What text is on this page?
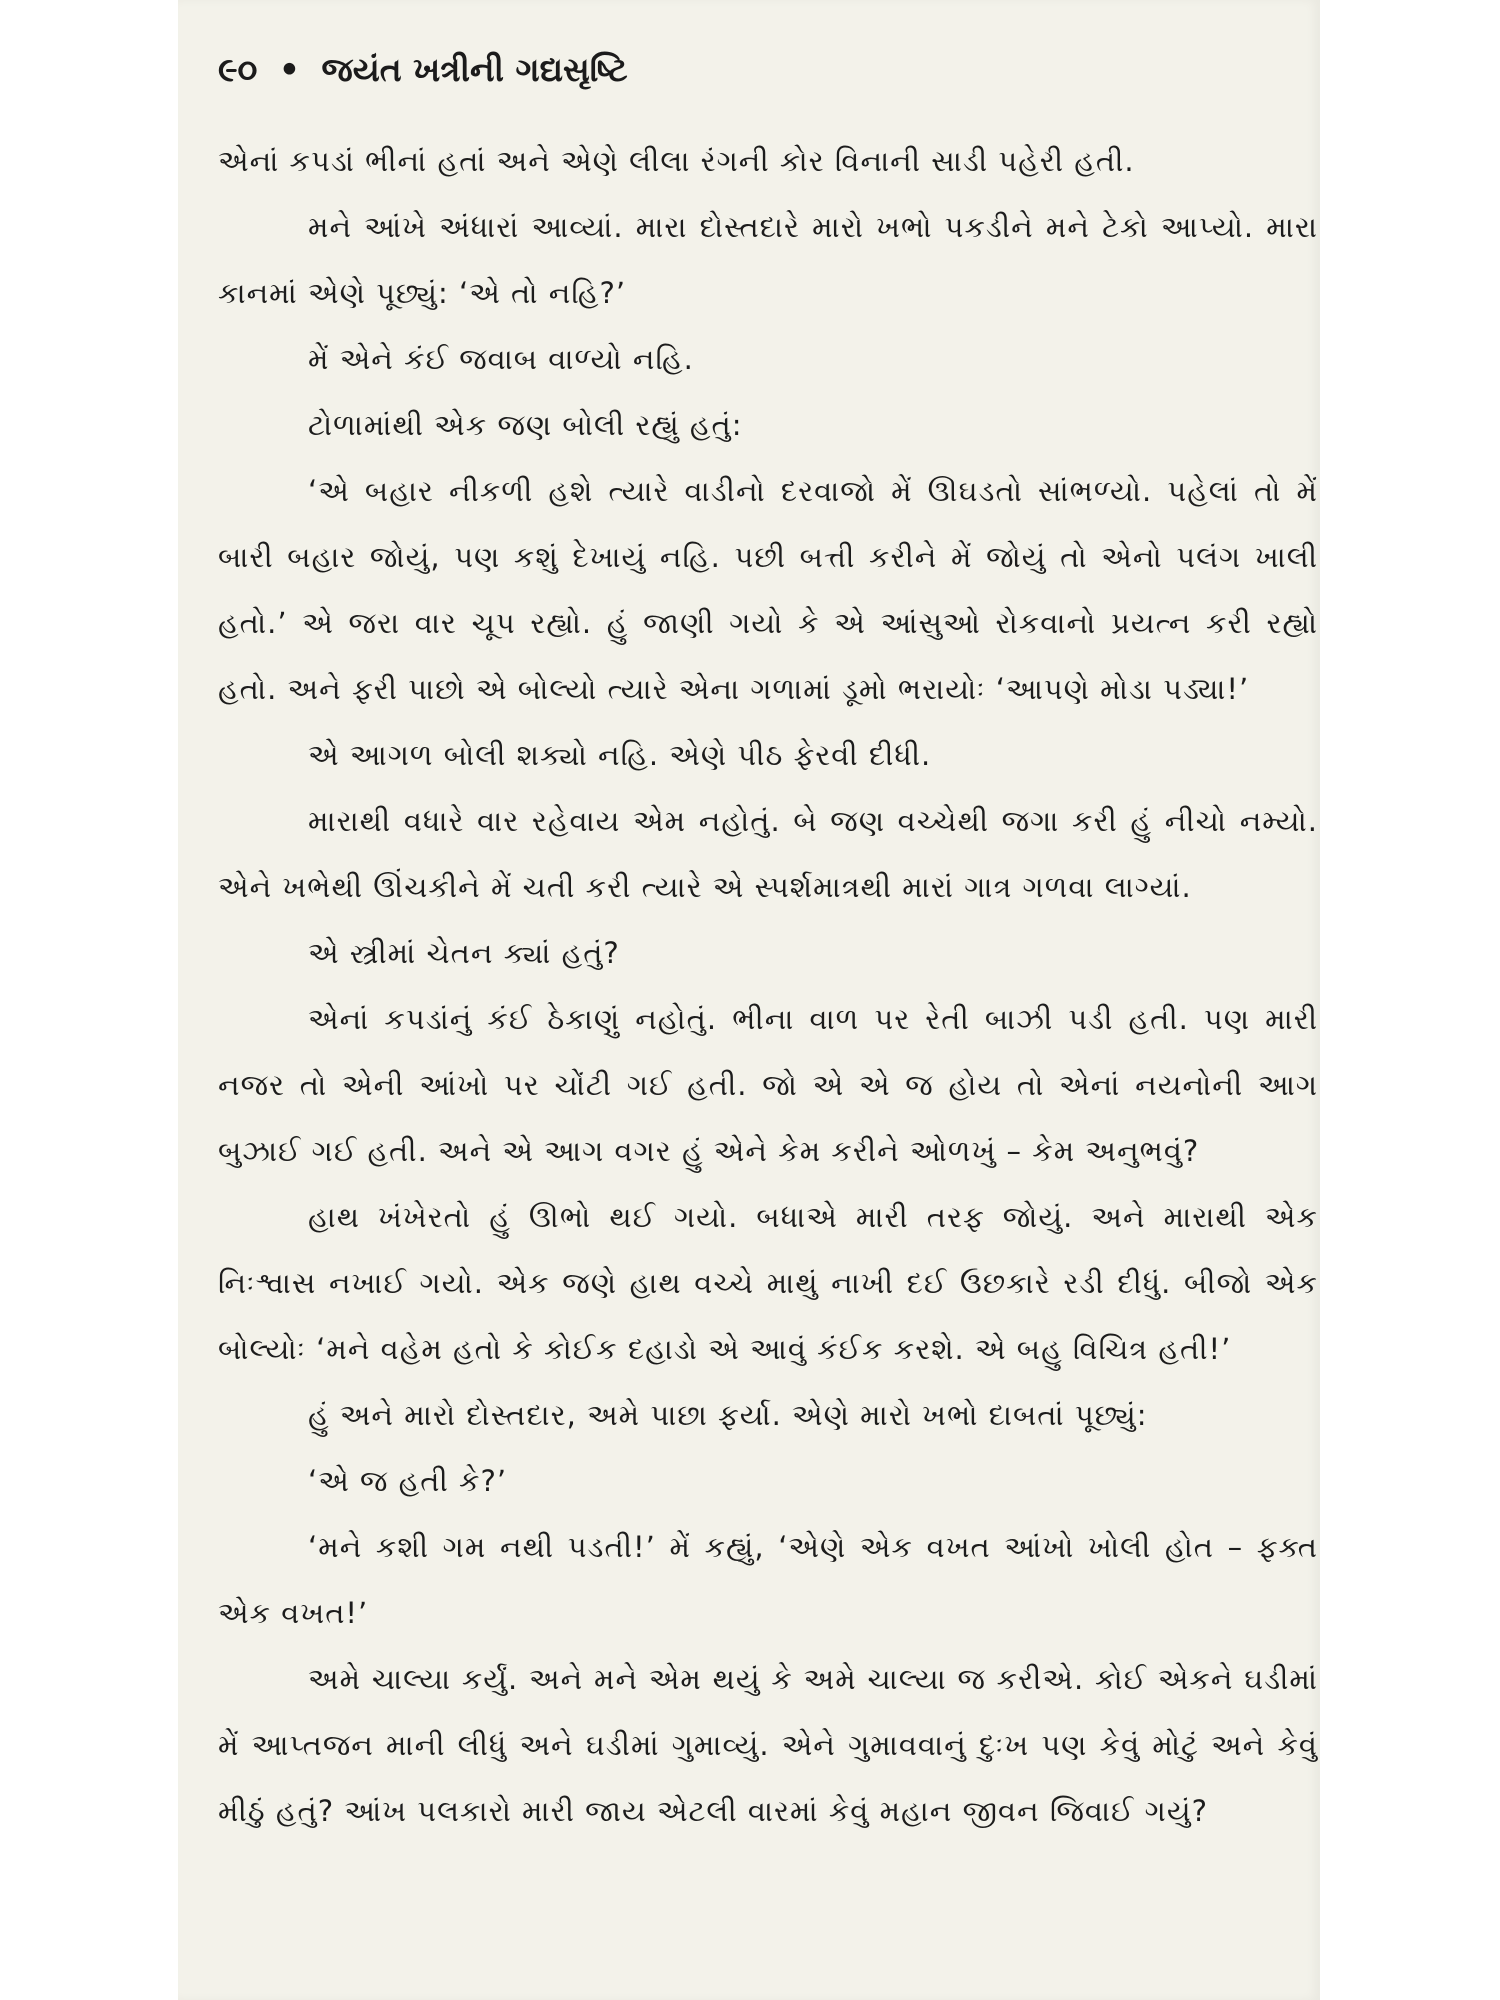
૯૦ • જયંત ખત્રીની ગદ્યસૃષ્ટિ

એનાં કપડાં ભીનાં હતાં અને એણે લીલા રંગની કોર વિનાની સાડી પહેરી હતી.

મને આંખે અંધારાં આવ્યાં. મારા દોસ્તદારે મારો ખભો પકડીને મને ટેકો આપ્યો. મારા કાનમાં એણે પૂછ્યું: ‘એ તો નહિ?’

મેં એને કંઈ જવાબ વાળ્યો નહિ.

ટોળામાંથી એક જણ બોલી રહ્યું હતું:

‘એ બહાર નીકળી હશે ત્યારે વાડીનો દરવાજો મેં ઊઘડતો સાંભળ્યો. પહેલાં તો મેં બારી બહાર જોયું, પણ કશું દેખાયું નહિ. પછી બત્તી કરીને મેં જોયું તો એનો પલંગ ખાલી હતો.’ એ જરા વાર ચૂપ રહ્યો. હું જાણી ગયો કે એ આંસુઓ રોકવાનો પ્રયત્ન કરી રહ્યો હતો. અને ફરી પાછો એ બોલ્યો ત્યારે એના ગળામાં ડૂમો ભરાયોઃ ‘આપણે મોડા પડ્યા!’

એ આગળ બોલી શક્યો નહિ. એણે પીઠ ફેરવી દીધી.

મારાથી વધારે વાર રહેવાય એમ નહોતું. બે જણ વચ્ચેથી જગા કરી હું નીચો નમ્યો. એને ખભેથી ઊંચકીને મેં ચતી કરી ત્યારે એ સ્પર્શમાત્રથી મારાં ગાત્ર ગળવા લાગ્યાં.

એ સ્ત્રીમાં ચેતન ક્યાં હતું?

એનાં કપડાંનું કંઈ ઠેકાણું નહોતું. ભીના વાળ પર રેતી બાઝી પડી હતી. પણ મારી નજર તો એની આંખો પર ચોંટી ગઈ હતી. જો એ એ જ હોય તો એનાં નયનોની આગ બુઝાઈ ગઈ હતી. અને એ આગ વગર હું એને કેમ કરીને ઓળખું – કેમ અનુભવું?

હાથ ખંખેરતો હું ઊભો થઈ ગયો. બધાએ મારી તરફ જોયું. અને મારાથી એક નિઃશ્વાસ નખાઈ ગયો. એક જણે હાથ વચ્ચે માથું નાખી દઈ ઉછકારે રડી દીધું. બીજો એક બોલ્યોઃ ‘મને વહેમ હતો કે કોઈક દહાડો એ આવું કંઈક કરશે. એ બહુ વિચિત્ર હતી!’

હું અને મારો દોસ્તદાર, અમે પાછા ફર્યા. એણે મારો ખભો દાબતાં પૂછ્યું:

‘એ જ હતી કે?’

‘મને કશી ગમ નથી પડતી!’ મેં કહ્યું, ‘એણે એક વખત આંખો ખોલી હોત – ફક્ત એક વખત!’

અમે ચાલ્યા કર્યું. અને મને એમ થયું કે અમે ચાલ્યા જ કરીએ. કોઈ એકને ઘડીમાં મેં આપ્તજન માની લીધું અને ઘડીમાં ગુમાવ્યું. એને ગુમાવવાનું દુઃખ પણ કેવું મોટું અને કેવું મીઠું હતું? આંખ પલકારો મારી જાય એટલી વારમાં કેવું મહાન જીવન જિવાઈ ગયું?
